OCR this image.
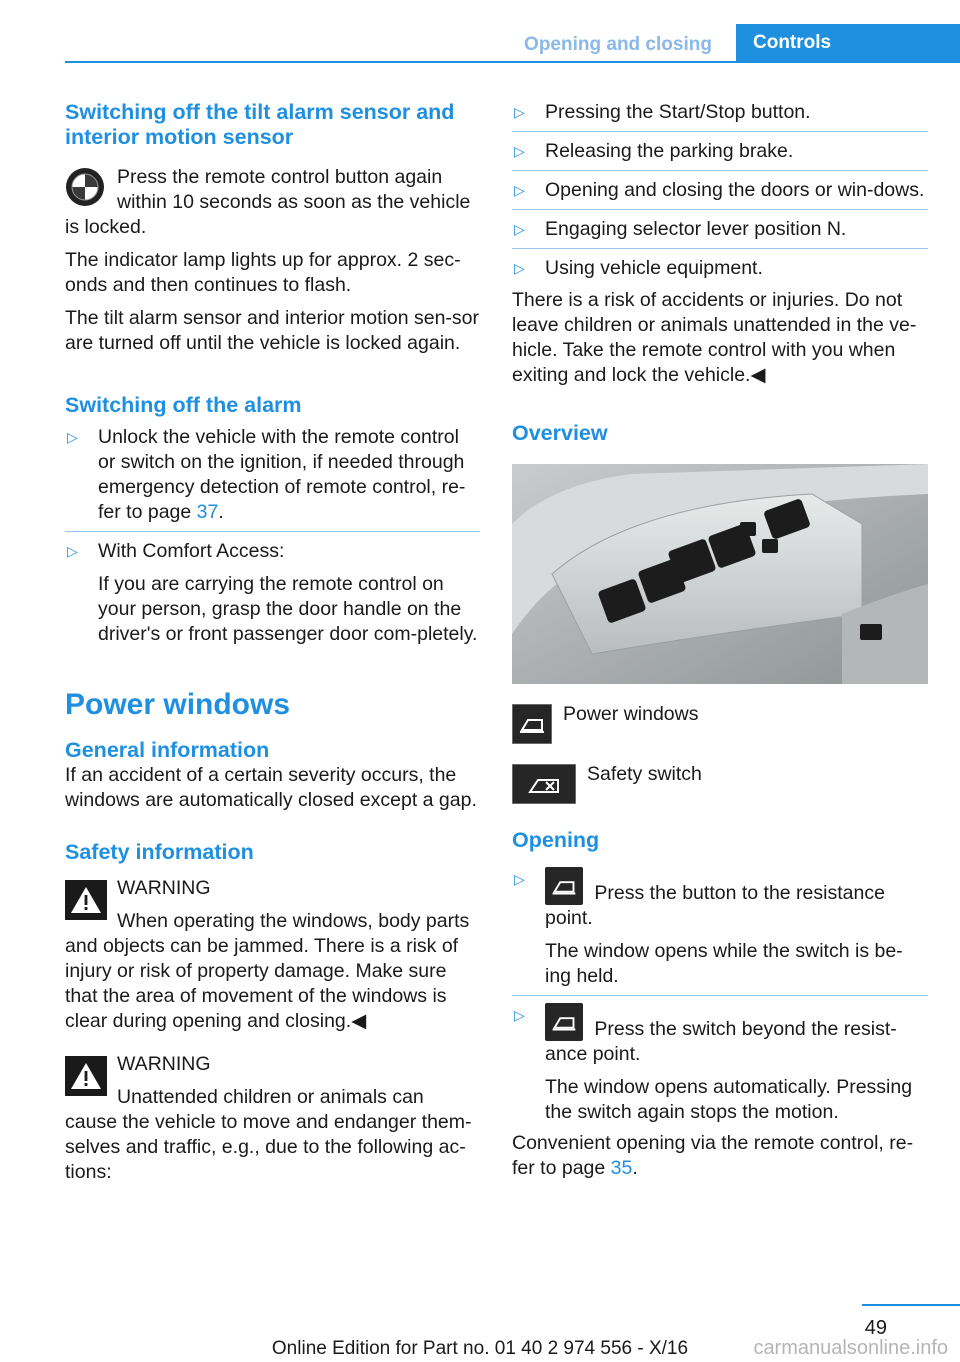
Opening and closing	Controls
Switching off the tilt alarm sensor and interior motion sensor

Press the remote control button again within 10 seconds as soon as the vehicle is locked.

The indicator lamp lights up for approx. 2 sec-onds and then continues to flash.

The tilt alarm sensor and interior motion sen-sor are turned off until the vehicle is locked again.

Switching off the alarm
▷ Unlock the vehicle with the remote control or switch on the ignition, if needed through emergency detection of remote control, re-fer to page 37.
▷ With Comfort Access:

If you are carrying the remote control on your person, grasp the door handle on the driver's or front passenger door com-pletely.

Power windows
General information

If an accident of a certain severity occurs, the windows are automatically closed except a gap.

Safety information

WARNING

When operating the windows, body parts and objects can be jammed. There is a risk of injury or risk of property damage. Make sure that the area of movement of the windows is clear during opening and closing.◀

WARNING

Unattended children or animals can cause the vehicle to move and endanger them-selves and traffic, e.g., due to the following ac-tions:

▷ Pressing the Start/Stop button.
▷ Releasing the parking brake.
▷ Opening and closing the doors or win-dows.
▷ Engaging selector lever position N.
▷ Using vehicle equipment.

There is a risk of accidents or injuries. Do not leave children or animals unattended in the ve-hicle. Take the remote control with you when exiting and lock the vehicle.◀

Overview
Power windows
Safety switch
Opening
▷
Press the button to the resistance point.

The window opens while the switch is be-ing held.

▷
Press the switch beyond the resist-ance point.

The window opens automatically. Pressing the switch again stops the motion.

Convenient opening via the remote control, re-fer to page 35.

49
Online Edition for Part no. 01 40 2 974 556 - X/16	carmanualsonline.info
